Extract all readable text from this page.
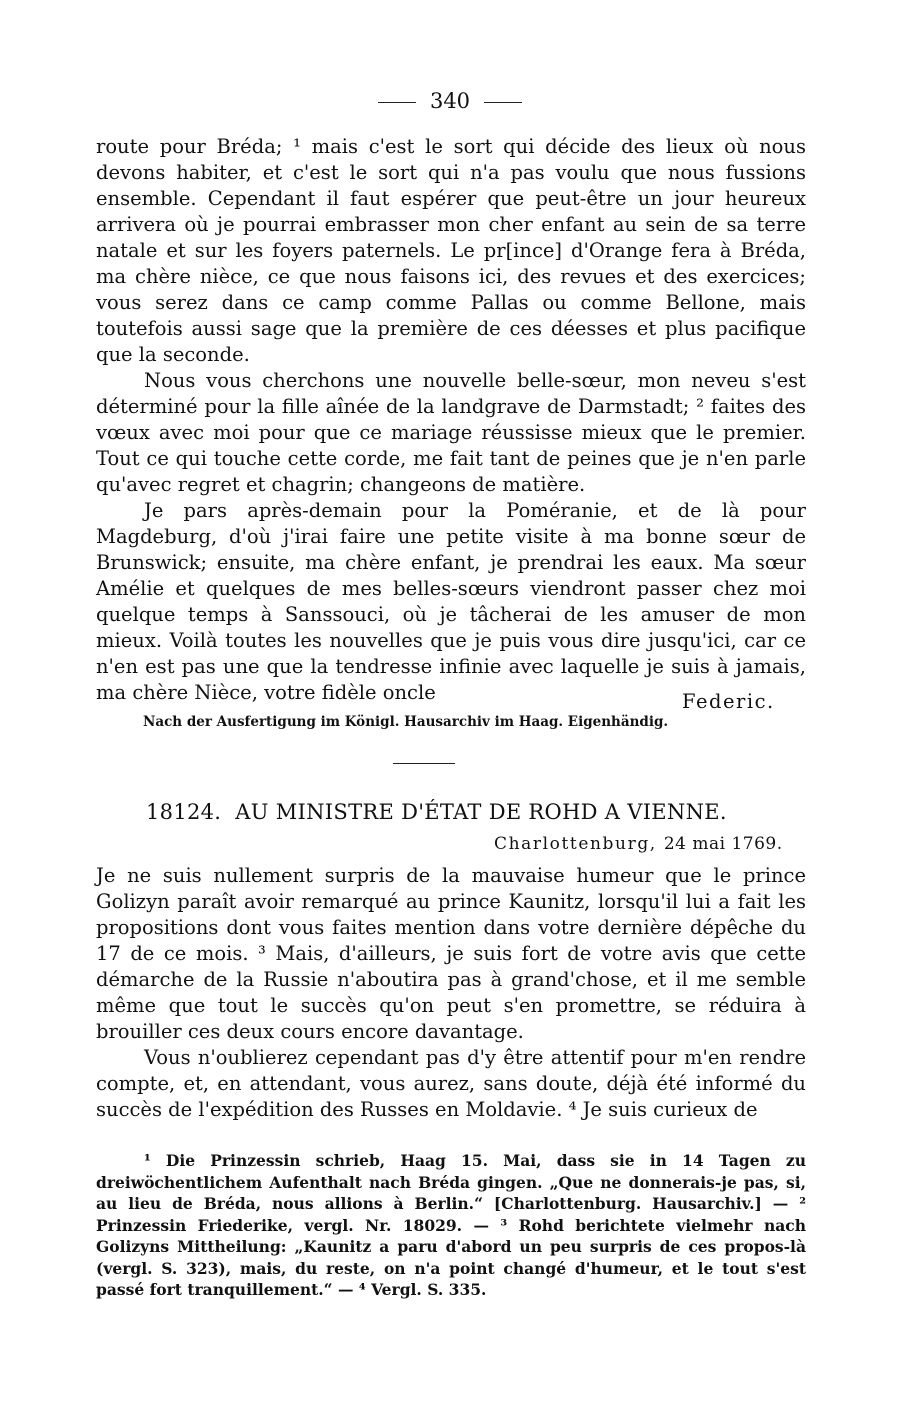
340

route pour Bréda; ¹ mais c'est le sort qui décide des lieux où nous devons habiter, et c'est le sort qui n'a pas voulu que nous fussions ensemble. Cependant il faut espérer que peut-être un jour heureux arrivera où je pourrai embrasser mon cher enfant au sein de sa terre natale et sur les foyers paternels. Le pr[ince] d'Orange fera à Bréda, ma chère nièce, ce que nous faisons ici, des revues et des exercices; vous serez dans ce camp comme Pallas ou comme Bellone, mais toutefois aussi sage que la première de ces déesses et plus pacifique que la seconde.

Nous vous cherchons une nouvelle belle-sœur, mon neveu s'est déterminé pour la fille aînée de la landgrave de Darmstadt; ² faites des vœux avec moi pour que ce mariage réussisse mieux que le premier. Tout ce qui touche cette corde, me fait tant de peines que je n'en parle qu'avec regret et chagrin; changeons de matière.

Je pars après-demain pour la Poméranie, et de là pour Magdeburg, d'où j'irai faire une petite visite à ma bonne sœur de Brunswick; ensuite, ma chère enfant, je prendrai les eaux. Ma sœur Amélie et quelques de mes belles-sœurs viendront passer chez moi quelque temps à Sanssouci, où je tâcherai de les amuser de mon mieux. Voilà toutes les nouvelles que je puis vous dire jusqu'ici, car ce n'en est pas une que la tendresse infinie avec laquelle je suis à jamais, ma chère Nièce, votre fidèle oncle	Federic.
Nach der Ausfertigung im Königl. Hausarchiv im Haag. Eigenhändig.
18124. AU MINISTRE D'ÉTAT DE ROHD A VIENNE.
Charlottenburg, 24 mai 1769.

Je ne suis nullement surpris de la mauvaise humeur que le prince Golizyn paraît avoir remarqué au prince Kaunitz, lorsqu'il lui a fait les propositions dont vous faites mention dans votre dernière dépêche du 17 de ce mois. ³ Mais, d'ailleurs, je suis fort de votre avis que cette démarche de la Russie n'aboutira pas à grand'chose, et il me semble même que tout le succès qu'on peut s'en promettre, se réduira à brouiller ces deux cours encore davantage.

Vous n'oublierez cependant pas d'y être attentif pour m'en rendre compte, et, en attendant, vous aurez, sans doute, déjà été informé du succès de l'expédition des Russes en Moldavie. ⁴ Je suis curieux de

¹ Die Prinzessin schrieb, Haag 15. Mai, dass sie in 14 Tagen zu dreiwöchentlichem Aufenthalt nach Bréda gingen. „Que ne donnerais-je pas, si, au lieu de Bréda, nous allions à Berlin.“ [Charlottenburg. Hausarchiv.] — ² Prinzessin Friederike, vergl. Nr. 18029. — ³ Rohd berichtete vielmehr nach Golizyns Mittheilung: „Kaunitz a paru d'abord un peu surpris de ces propos-là (vergl. S. 323), mais, du reste, on n'a point changé d'humeur, et le tout s'est passé fort tranquillement.“ — ⁴ Vergl. S. 335.
